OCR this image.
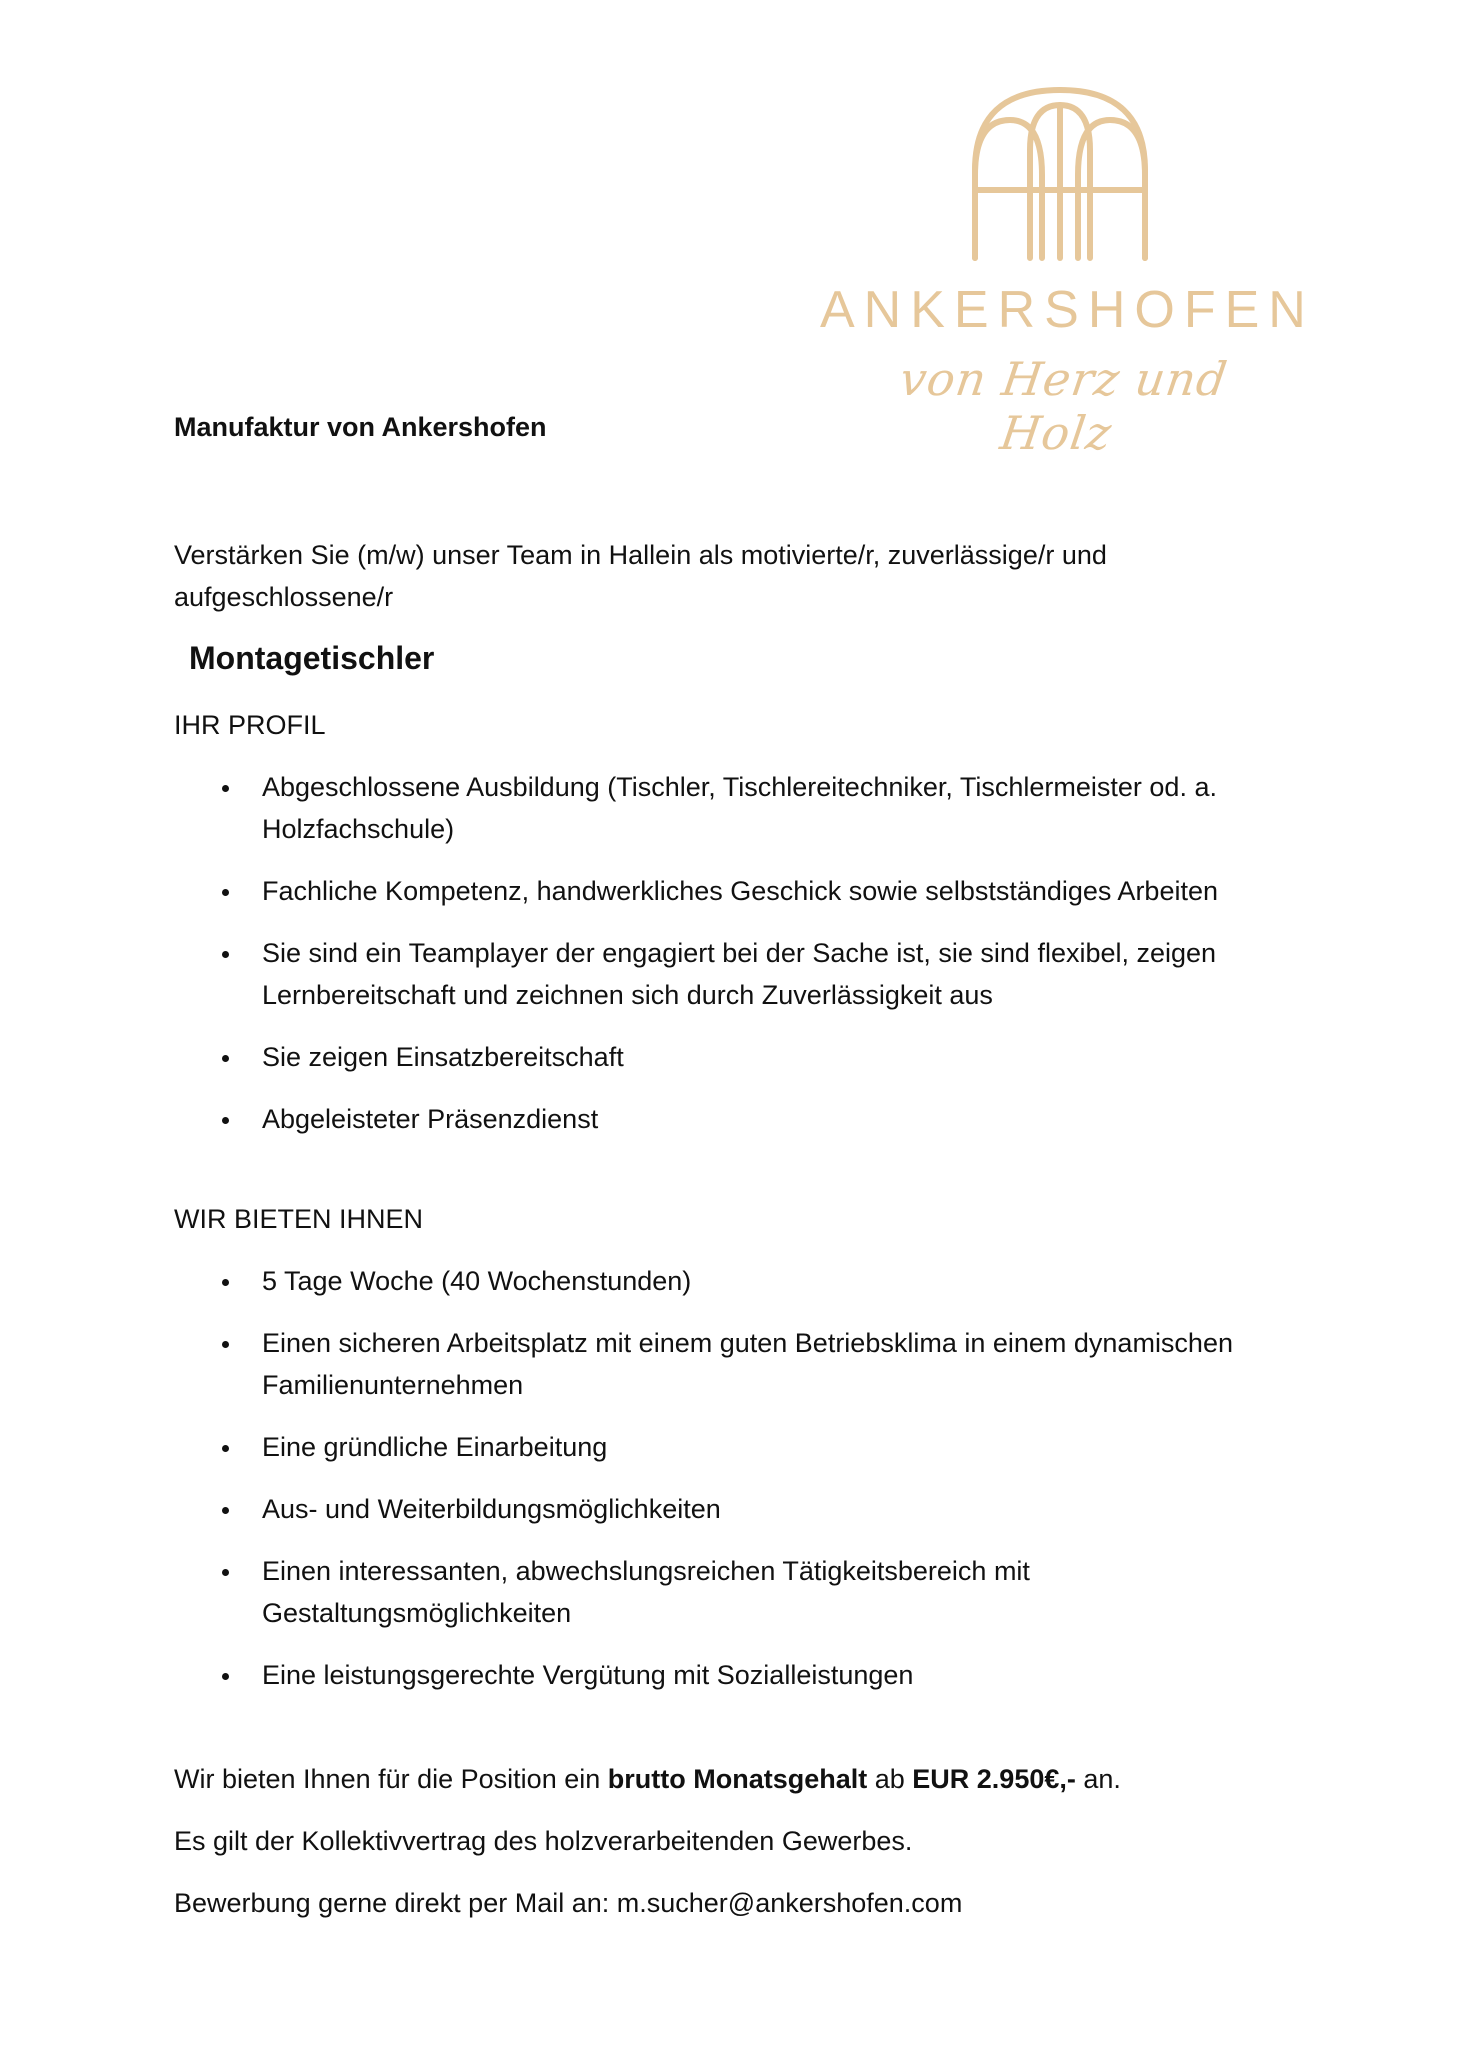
ANKERSHOFEN
von Herz und Holz
Manufaktur von Ankershofen
Verstärken Sie (m/w) unser Team in Hallein als motivierte/r, zuverlässige/r und aufgeschlossene/r
Montagetischler
IHR PROFIL
Abgeschlossene Ausbildung (Tischler, Tischlereitechniker, Tischlermeister od. a. Holzfachschule)
Fachliche Kompetenz, handwerkliches Geschick sowie selbstständiges Arbeiten
Sie sind ein Teamplayer der engagiert bei der Sache ist, sie sind flexibel, zeigen Lernbereitschaft und zeichnen sich durch Zuverlässigkeit aus
Sie zeigen Einsatzbereitschaft
Abgeleisteter Präsenzdienst
WIR BIETEN IHNEN
5 Tage Woche (40 Wochenstunden)
Einen sicheren Arbeitsplatz mit einem guten Betriebsklima in einem dynamischen Familienunternehmen
Eine gründliche Einarbeitung
Aus- und Weiterbildungsmöglichkeiten
Einen interessanten, abwechslungsreichen Tätigkeitsbereich mit Gestaltungsmöglichkeiten
Eine leistungsgerechte Vergütung mit Sozialleistungen
Wir bieten Ihnen für die Position ein brutto Monatsgehalt ab EUR 2.950€,- an.
Es gilt der Kollektivvertrag des holzverarbeitenden Gewerbes.
Bewerbung gerne direkt per Mail an: m.sucher@ankershofen.com
